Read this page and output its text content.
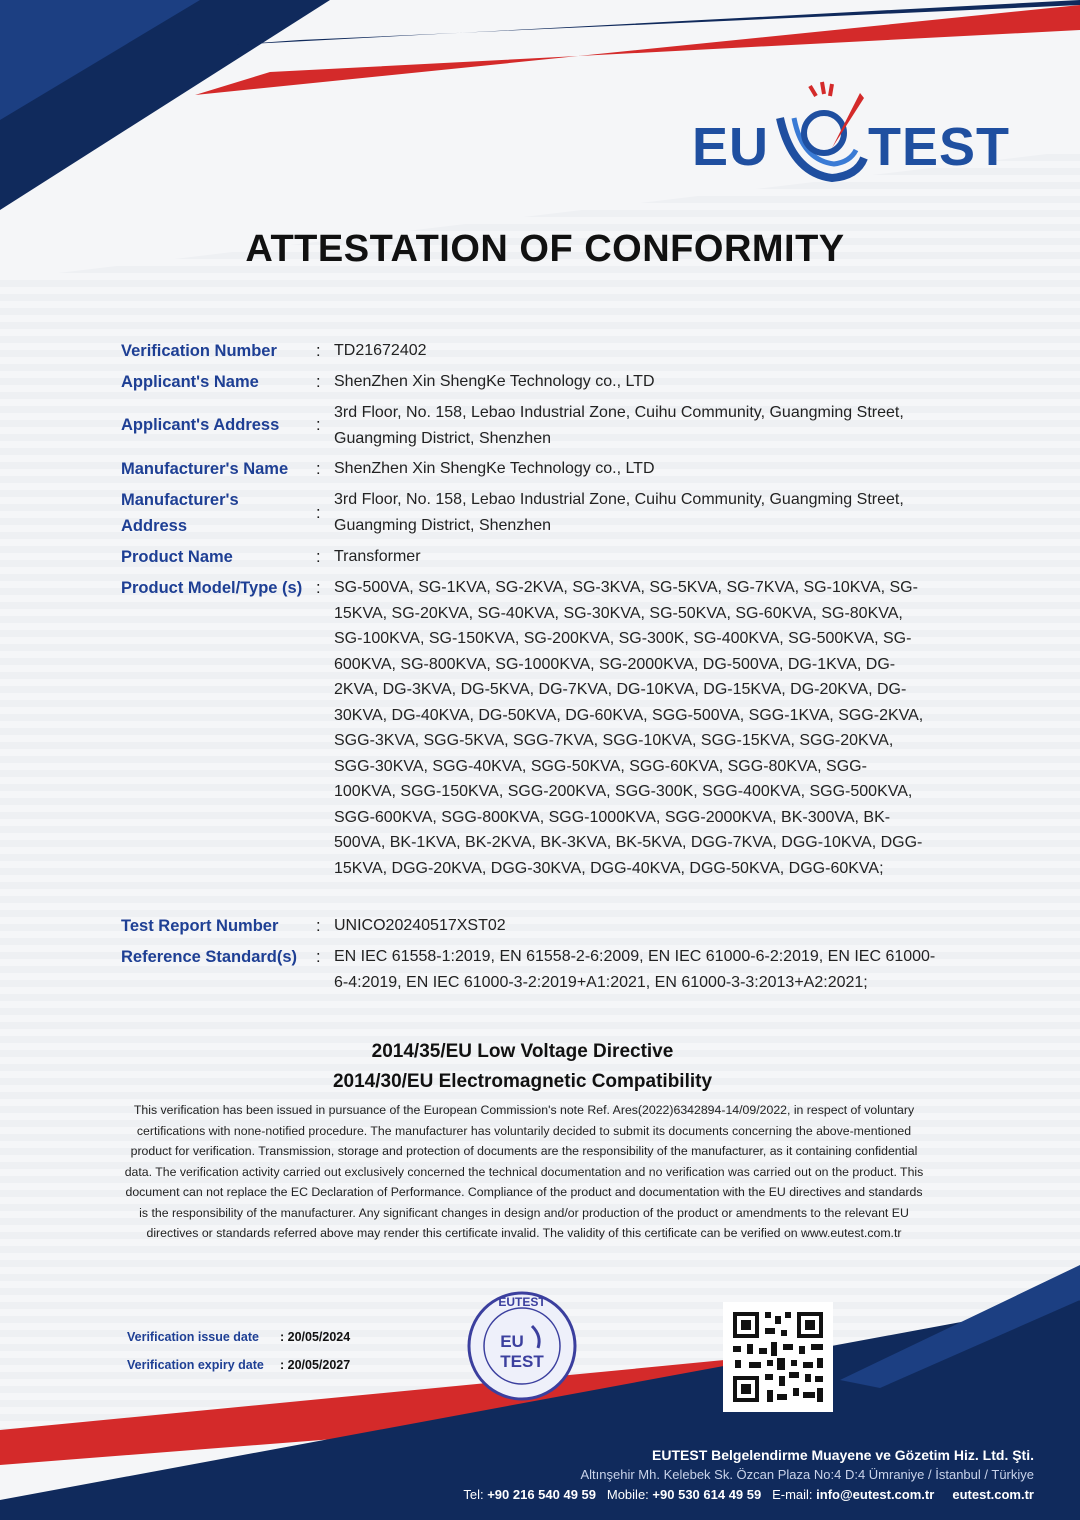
EU TEST
ATTESTATION OF CONFORMITY
Verification Number : TD21672402
Applicant's Name	: ShenZhen Xin ShengKe Technology co., LTD
Applicant's Address :
3rd Floor, No. 158, Lebao Industrial Zone, Cuihu Community, Guangming Street, Guangming District, Shenzhen
Manufacturer's Name : ShenZhen Xin ShengKe Technology co., LTD
Manufacturer's
Address
:
3rd Floor, No. 158, Lebao Industrial Zone, Cuihu Community, Guangming Street, Guangming District, Shenzhen
Product Name	: Transformer
Product Model/Type (s) : SG-500VA, SG-1KVA, SG-2KVA, SG-3KVA, SG-5KVA, SG-7KVA, SG-10KVA, SG-15KVA, SG-20KVA, SG-40KVA, SG-30KVA, SG-50KVA, SG-60KVA, SG-80KVA, SG-100KVA, SG-150KVA, SG-200KVA, SG-300K, SG-400KVA, SG-500KVA, SG-600KVA, SG-800KVA, SG-1000KVA, SG-2000KVA, DG-500VA, DG-1KVA, DG-2KVA, DG-3KVA, DG-5KVA, DG-7KVA, DG-10KVA, DG-15KVA, DG-20KVA, DG-30KVA, DG-40KVA, DG-50KVA, DG-60KVA, SGG-500VA, SGG-1KVA, SGG-2KVA, SGG-3KVA, SGG-5KVA, SGG-7KVA, SGG-10KVA, SGG-15KVA, SGG-20KVA, SGG-30KVA, SGG-40KVA, SGG-50KVA, SGG-60KVA, SGG-80KVA, SGG-100KVA, SGG-150KVA, SGG-200KVA, SGG-300K, SGG-400KVA, SGG-500KVA, SGG-600KVA, SGG-800KVA, SGG-1000KVA, SGG-2000KVA, BK-300VA, BK-500VA, BK-1KVA, BK-2KVA, BK-3KVA, BK-5KVA, DGG-7KVA, DGG-10KVA, DGG-15KVA, DGG-20KVA, DGG-30KVA, DGG-40KVA, DGG-50KVA, DGG-60KVA;
Test Report Number : UNICO20240517XST02
Reference Standard(s) : EN IEC 61558-1:2019, EN 61558-2-6:2009, EN IEC 61000-6-2:2019, EN IEC 61000-6-4:2019, EN IEC 61000-3-2:2019+A1:2021, EN 61000-3-3:2013+A2:2021;
2014/35/EU Low Voltage Directive
2014/30/EU Electromagnetic Compatibility
This verification has been issued in pursuance of the European Commission's note Ref. Ares(2022)6342894-14/09/2022, in respect of voluntary certifications with none-notified procedure. The manufacturer has voluntarily decided to submit its documents concerning the above-mentioned product for verification. Transmission, storage and protection of documents are the responsibility of the manufacturer, as it containing confidential data. The verification activity carried out exclusively concerned the technical documentation and no verification was carried out on the product. This document can not replace the EC Declaration of Performance. Compliance of the product and documentation with the EU directives and standards is the responsibility of the manufacturer. Any significant changes in design and/or production of the product or amendments to the relevant EU directives or standards referred above may render this certificate invalid. The validity of this certificate can be verified on www.eutest.com.tr
Verification issue date : 20/05/2024
Verification expiry date : 20/05/2027
EUTEST
EU
TEST
EUTEST Belgelendirme Muayene ve Gözetim Hiz. Ltd. Şti.
Altınşehir Mh. Kelebek Sk. Özcan Plaza No:4 D:4 Ümraniye / İstanbul / Türkiye
Tel: +90 216 540 49 59 Mobile: +90 530 614 49 59 E-mail: info@eutest.com.tr eutest.com.tr
